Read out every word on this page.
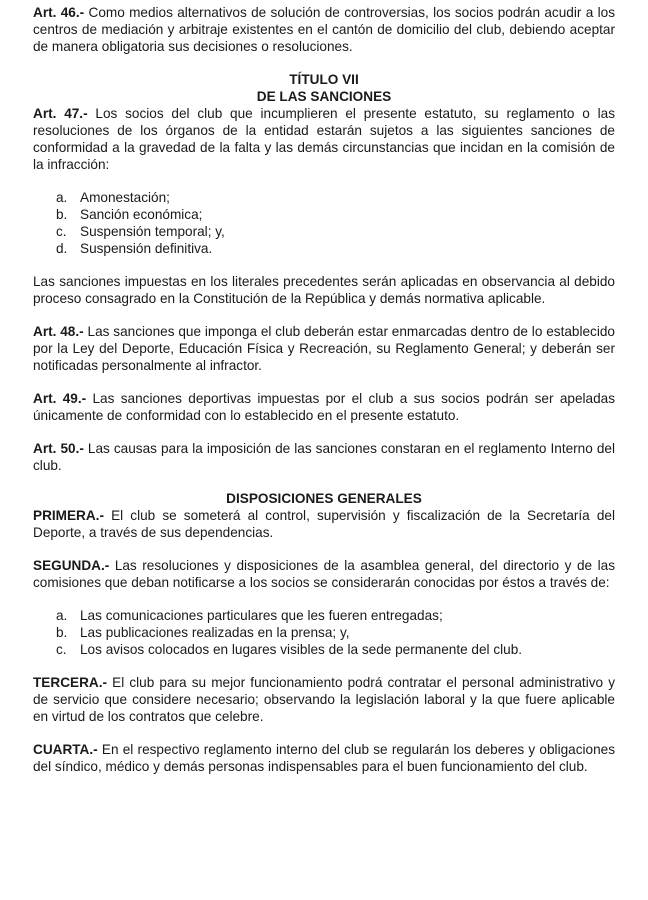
Art. 46.- Como medios alternativos de solución de controversias, los socios podrán acudir a los centros de mediación y arbitraje existentes en el cantón de domicilio del club, debiendo aceptar de manera obligatoria sus decisiones o resoluciones.

TÍTULO VII

DE LAS SANCIONES

Art. 47.- Los socios del club que incumplieren el presente estatuto, su reglamento o las resoluciones de los órganos de la entidad estarán sujetos a las siguientes sanciones de conformidad a la gravedad de la falta y las demás circunstancias que incidan en la comisión de la infracción:

a. Amonestación;
b. Sanción económica;
c. Suspensión temporal; y,
d. Suspensión definitiva.

Las sanciones impuestas en los literales precedentes serán aplicadas en observancia al debido proceso consagrado en la Constitución de la República y demás normativa aplicable.

Art. 48.- Las sanciones que imponga el club deberán estar enmarcadas dentro de lo establecido por la Ley del Deporte, Educación Física y Recreación, su Reglamento General; y deberán ser notificadas personalmente al infractor.

Art. 49.- Las sanciones deportivas impuestas por el club a sus socios podrán ser apeladas únicamente de conformidad con lo establecido en el presente estatuto.

Art. 50.- Las causas para la imposición de las sanciones constaran en el reglamento Interno del club.

DISPOSICIONES GENERALES

PRIMERA.- El club se someterá al control, supervisión y fiscalización de la Secretaría del Deporte, a través de sus dependencias.

SEGUNDA.- Las resoluciones y disposiciones de la asamblea general, del directorio y de las comisiones que deban notificarse a los socios se considerarán conocidas por éstos a través de:

a. Las comunicaciones particulares que les fueren entregadas;
b. Las publicaciones realizadas en la prensa; y,
c. Los avisos colocados en lugares visibles de la sede permanente del club.

TERCERA.- El club para su mejor funcionamiento podrá contratar el personal administrativo y de servicio que considere necesario; observando la legislación laboral y la que fuere aplicable en virtud de los contratos que celebre.

CUARTA.- En el respectivo reglamento interno del club se regularán los deberes y obligaciones del síndico, médico y demás personas indispensables para el buen funcionamiento del club.
